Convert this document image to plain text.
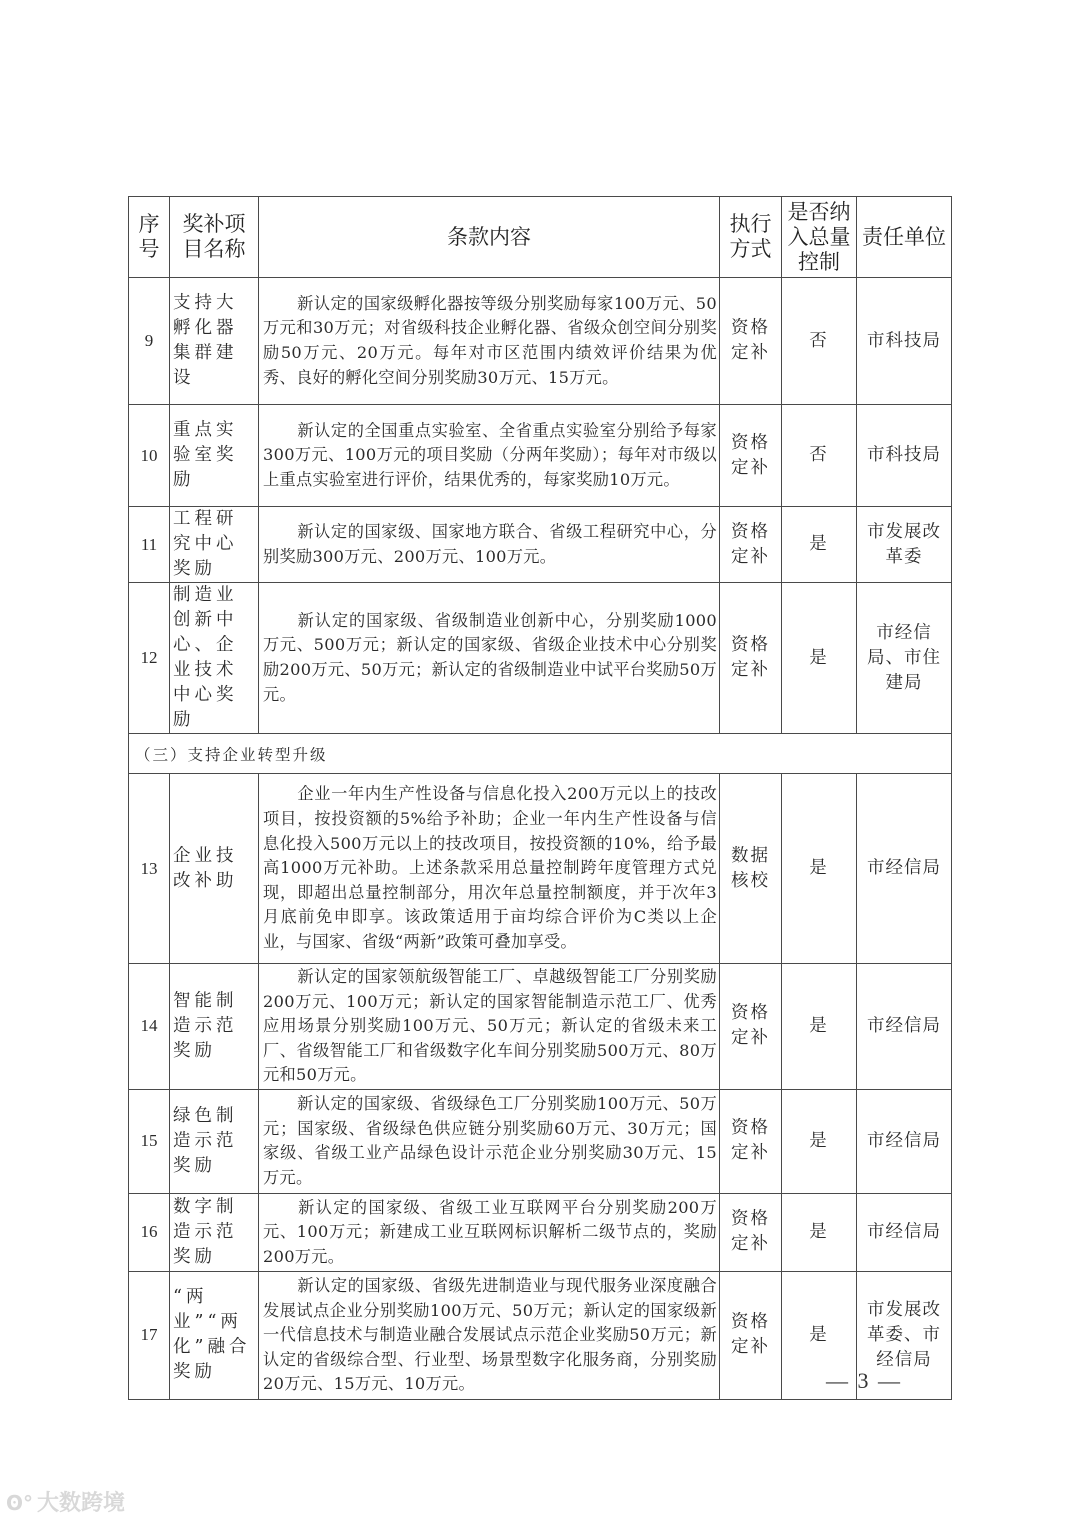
序号	奖补项目名称	条款内容	执行方式	是否纳入总量控制	责任单位
9	支持大孵化器集群建设	新认定的国家级孵化器按等级分别奖励每家100万元、50万元和30万元；对省级科技企业孵化器、省级众创空间分别奖励50万元、20万元。每年对市区范围内绩效评价结果为优秀、良好的孵化空间分别奖励30万元、15万元。	资格定补	否	市科技局

10	重点实验室奖励	新认定的全国重点实验室、全省重点实验室分别给予每家300万元、100万元的项目奖励（分两年奖励）；每年对市级以上重点实验室进行评价，结果优秀的，每家奖励10万元。	资格定补	否	市科技局

11	工程研究中心奖励	新认定的国家级、国家地方联合、省级工程研究中心，分别奖励300万元、200万元、100万元。	资格定补	是	市发展改革委

12	制造业创新中心、企业技术中心奖励	新认定的国家级、省级制造业创新中心，分别奖励1000万元、500万元；新认定的国家级、省级企业技术中心分别奖励200万元、50万元；新认定的省级制造业中试平台奖励50万元。	资格定补	是	市经信局、市住建局

（三）支持企业转型升级					
13	企业技改补助	企业一年内生产性设备与信息化投入200万元以上的技改项目，按投资额的5%给予补助；企业一年内生产性设备与信息化投入500万元以上的技改项目，按投资额的10%，给予最高1000万元补助。上述条款采用总量控制跨年度管理方式兑现，即超出总量控制部分，用次年总量控制额度，并于次年3月底前免申即享。该政策适用于亩均综合评价为C类以上企业，与国家、省级“两新”政策可叠加享受。	数据核校	是	市经信局

14	智能制造示范奖励	新认定的国家领航级智能工厂、卓越级智能工厂分别奖励200万元、100万元；新认定的国家智能制造示范工厂、优秀应用场景分别奖励100万元、50万元；新认定的省级未来工厂、省级智能工厂和省级数字化车间分别奖励500万元、80万元和50万元。	资格定补	是	市经信局

15	绿色制造示范奖励	新认定的国家级、省级绿色工厂分别奖励100万元、50万元；国家级、省级绿色供应链分别奖励60万元、30万元；国家级、省级工业产品绿色设计示范企业分别奖励30万元、15万元。	资格定补	是	市经信局

16	数字制造示范奖励	新认定的国家级、省级工业互联网平台分别奖励200万元、100万元；新建成工业互联网标识解析二级节点的，奖励200万元。	资格定补	是	市经信局

17	“两业”“两化”融合奖励	新认定的国家级、省级先进制造业与现代服务业深度融合发展试点企业分别奖励100万元、50万元；新认定的国家级新一代信息技术与制造业融合发展试点示范企业奖励50万元；新认定的省级综合型、行业型、场景型数字化服务商，分别奖励20万元、15万元、10万元。	资格定补	是	市发展改革委、市经信局
— 3 —
ʘ° 大数跨境
